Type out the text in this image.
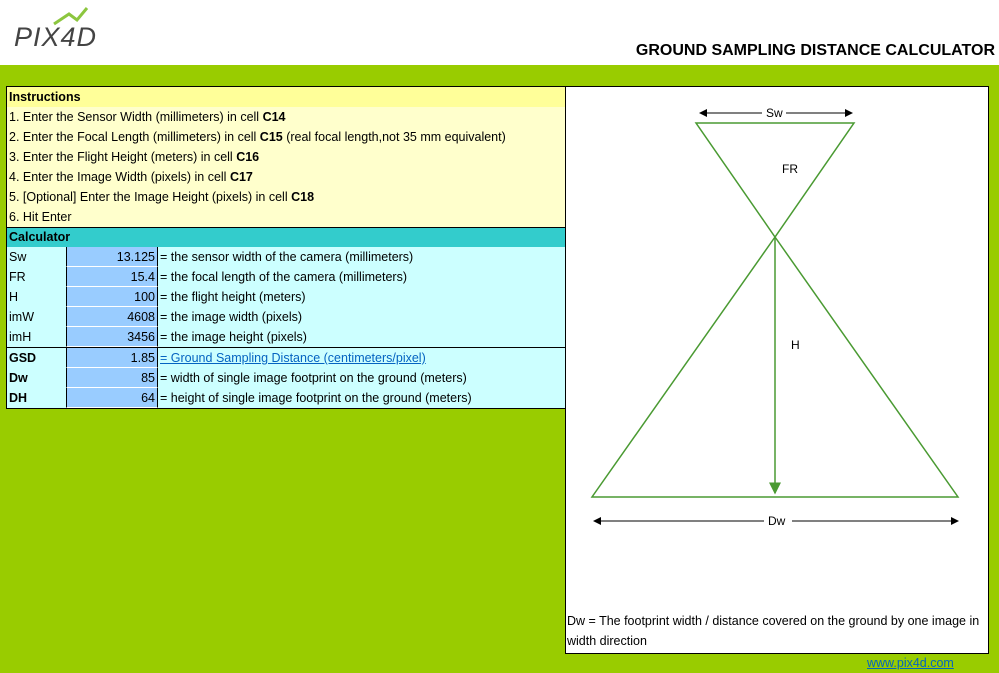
PIX4D	GROUND SAMPLING DISTANCE CALCULATOR
Instructions
1. Enter the Sensor Width (millimeters) in cell C14
2. Enter the Focal Length (millimeters) in cell C15 (real focal length,not 35 mm equivalent)
3. Enter the Flight Height (meters) in cell C16
4. Enter the Image Width (pixels) in cell C17
5. [Optional] Enter the Image Height (pixels) in cell C18
6. Hit Enter
Calculator
Sw	13.125 = the sensor width of the camera (millimeters)
FR	15.4 = the focal length of the camera (millimeters)
H	100 = the flight height (meters)
imW	4608 = the image width (pixels)
imH	3456 = the image height (pixels)
GSD	1.85 = Ground Sampling Distance (centimeters/pixel)
Dw	85 = width of single image footprint on the ground (meters)
DH	64 = height of single image footprint on the ground (meters)
Sw
FR
H
Dw
Dw = The footprint width / distance covered on the ground by one image in width direction
www.pix4d.com
